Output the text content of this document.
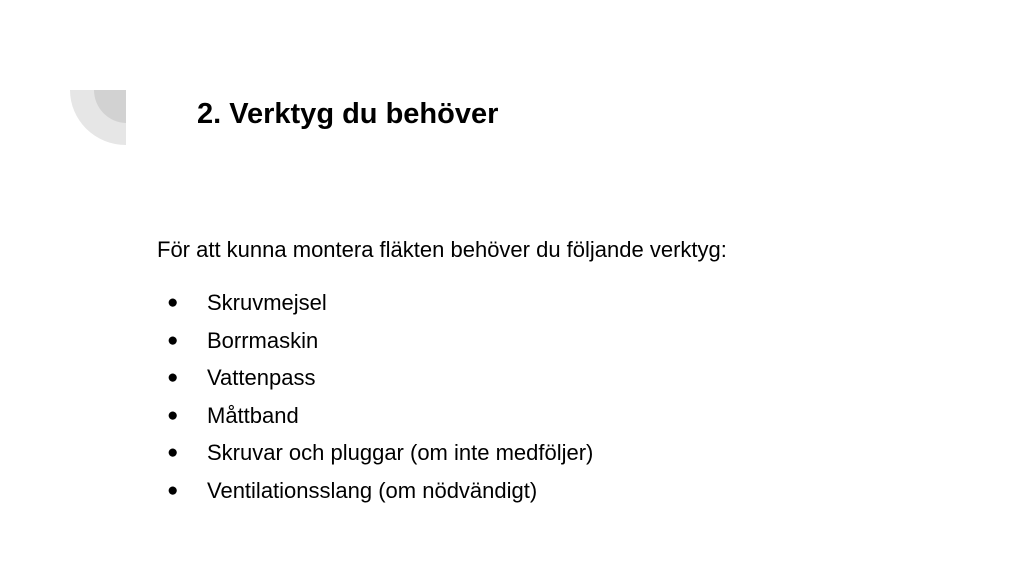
2. Verktyg du behöver

För att kunna montera fläkten behöver du följande verktyg:

● Skruvmejsel
● Borrmaskin
● Vattenpass
● Måttband
● Skruvar och pluggar (om inte medföljer)
● Ventilationsslang (om nödvändigt)
